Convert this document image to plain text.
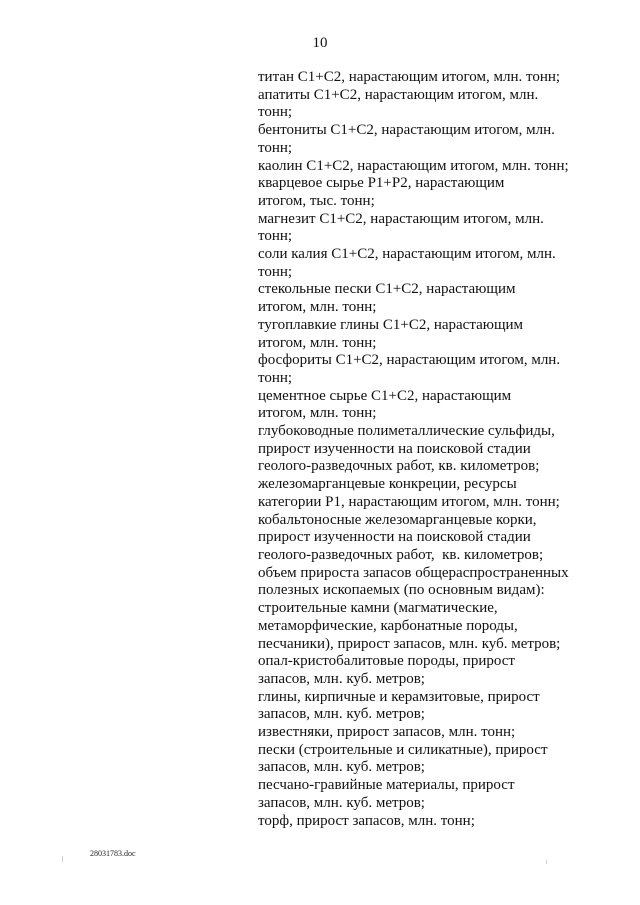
10
титан С1+С2, нарастающим итогом, млн. тонн;
апатиты С1+С2, нарастающим итогом, млн.
тонн;
бентониты С1+С2, нарастающим итогом, млн.
тонн;
каолин С1+С2, нарастающим итогом, млн. тонн;
кварцевое сырье Р1+Р2, нарастающим
итогом, тыс. тонн;
магнезит С1+С2, нарастающим итогом, млн.
тонн;
соли калия С1+С2, нарастающим итогом, млн.
тонн;
стекольные пески С1+С2, нарастающим
итогом, млн. тонн;
тугоплавкие глины С1+С2, нарастающим
итогом, млн. тонн;
фосфориты С1+С2, нарастающим итогом, млн.
тонн;
цементное сырье С1+С2, нарастающим
итогом, млн. тонн;
глубоководные полиметаллические сульфиды,
прирост изученности на поисковой стадии
геолого-разведочных работ, кв. километров;
железомарганцевые конкреции, ресурсы
категории Р1, нарастающим итогом, млн. тонн;
кобальтоносные железомарганцевые корки,
прирост изученности на поисковой стадии
геолого-разведочных работ,  кв. километров;
объем прироста запасов общераспространенных
полезных ископаемых (по основным видам):
строительные камни (магматические,
метаморфические, карбонатные породы,
песчаники), прирост запасов, млн. куб. метров;
опал-кристобалитовые породы, прирост
запасов, млн. куб. метров;
глины, кирпичные и керамзитовые, прирост
запасов, млн. куб. метров;
известняки, прирост запасов, млн. тонн;
пески (строительные и силикатные), прирост
запасов, млн. куб. метров;
песчано-гравийные материалы, прирост
запасов, млн. куб. метров;
торф, прирост запасов, млн. тонн;
28031783.doc
